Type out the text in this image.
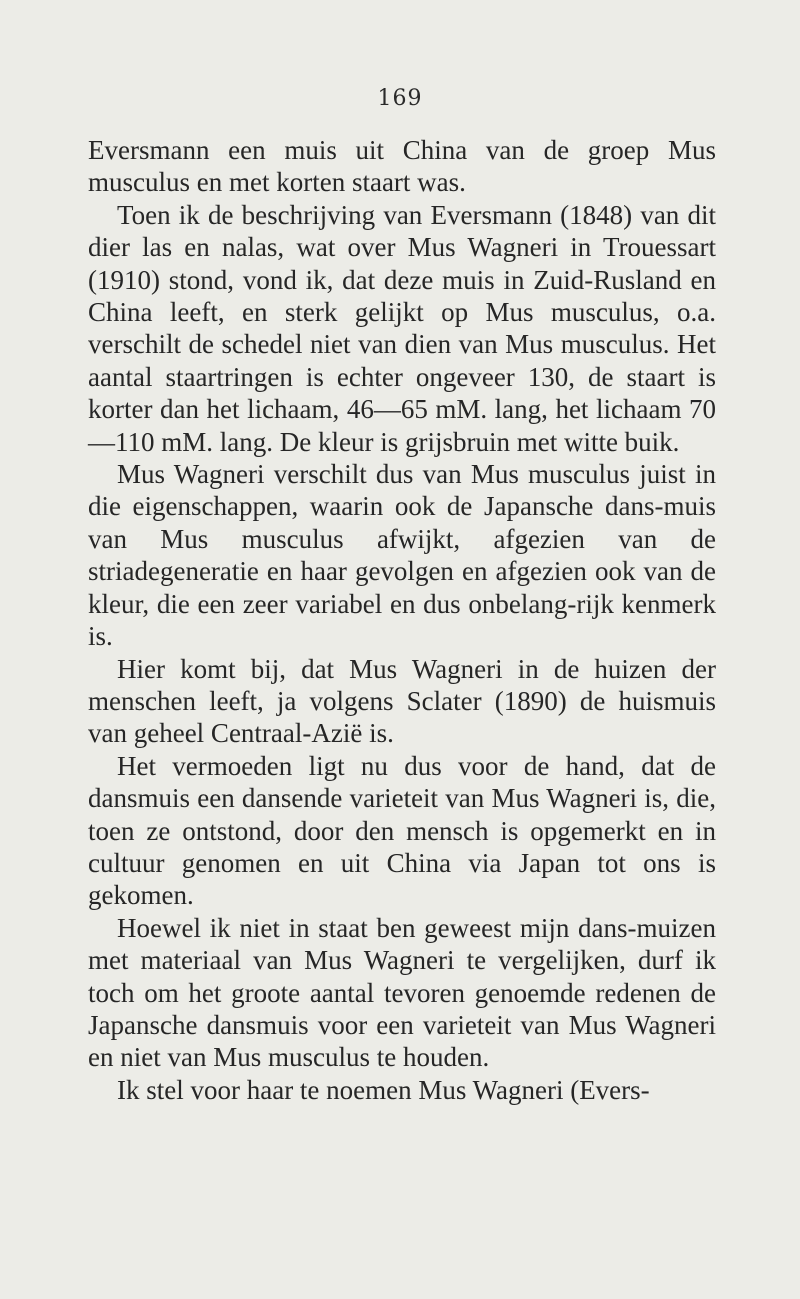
169

Eversmann een muis uit China van de groep Mus musculus en met korten staart was.

Toen ik de beschrijving van Eversmann (1848) van dit dier las en nalas, wat over Mus Wagneri in Trouessart (1910) stond, vond ik, dat deze muis in Zuid-Rusland en China leeft, en sterk gelijkt op Mus musculus, o.a. verschilt de schedel niet van dien van Mus musculus. Het aantal staartringen is echter ongeveer 130, de staart is korter dan het lichaam, 46—65 mM. lang, het lichaam 70—110 mM. lang. De kleur is grijsbruin met witte buik.

Mus Wagneri verschilt dus van Mus musculus juist in die eigenschappen, waarin ook de Japansche dans-muis van Mus musculus afwijkt, afgezien van de striadegeneratie en haar gevolgen en afgezien ook van de kleur, die een zeer variabel en dus onbelang-rijk kenmerk is.

Hier komt bij, dat Mus Wagneri in de huizen der menschen leeft, ja volgens Sclater (1890) de huismuis van geheel Centraal-Azië is.

Het vermoeden ligt nu dus voor de hand, dat de dansmuis een dansende varieteit van Mus Wagneri is, die, toen ze ontstond, door den mensch is opgemerkt en in cultuur genomen en uit China via Japan tot ons is gekomen.

Hoewel ik niet in staat ben geweest mijn dans-muizen met materiaal van Mus Wagneri te vergelijken, durf ik toch om het groote aantal tevoren genoemde redenen de Japansche dansmuis voor een varieteit van Mus Wagneri en niet van Mus musculus te houden.

Ik stel voor haar te noemen Mus Wagneri (Evers-
